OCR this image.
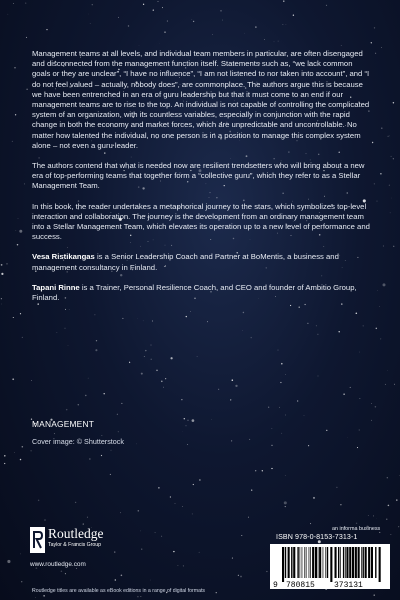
Management teams at all levels, and individual team members in particular, are often disengaged and disconnected from the management function itself. Statements such as, “we lack common goals or they are unclear”, “I have no influence”, “I am not listened to nor taken into account”, and “I do not feel valued – actually, nobody does”, are commonplace. The authors argue this is because we have been entrenched in an era of guru leadership but that it must come to an end if our management teams are to rise to the top. An individual is not capable of controlling the complicated system of an organization, with its countless variables, especially in conjunction with the rapid change in both the economy and market forces, which are unpredictable and uncontrollable. No matter how talented the individual, no one person is in a position to manage this complex system alone – not even a guru leader.

The authors contend that what is needed now are resilient trendsetters who will bring about a new era of top-performing teams that together form a “collective guru”, which they refer to as a Stellar Management Team.

In this book, the reader undertakes a metaphorical journey to the stars, which symbolizes top-level interaction and collaboration. The journey is the development from an ordinary management team into a Stellar Management Team, which elevates its operation up to a new level of performance and success.

Vesa Ristikangas is a Senior Leadership Coach and Partner at BoMentis, a business and management consultancy in Finland.

Tapani Rinne is a Trainer, Personal Resilience Coach, and CEO and founder of Ambitio Group, Finland.

MANAGEMENT
Cover image: © Shutterstock
Routledge
Taylor & Francis Group
www.routledge.com
an informa business
ISBN 978-0-8153-7313-1
9 780815 373131
Routledge titles are available as eBook editions in a range of digital formats
